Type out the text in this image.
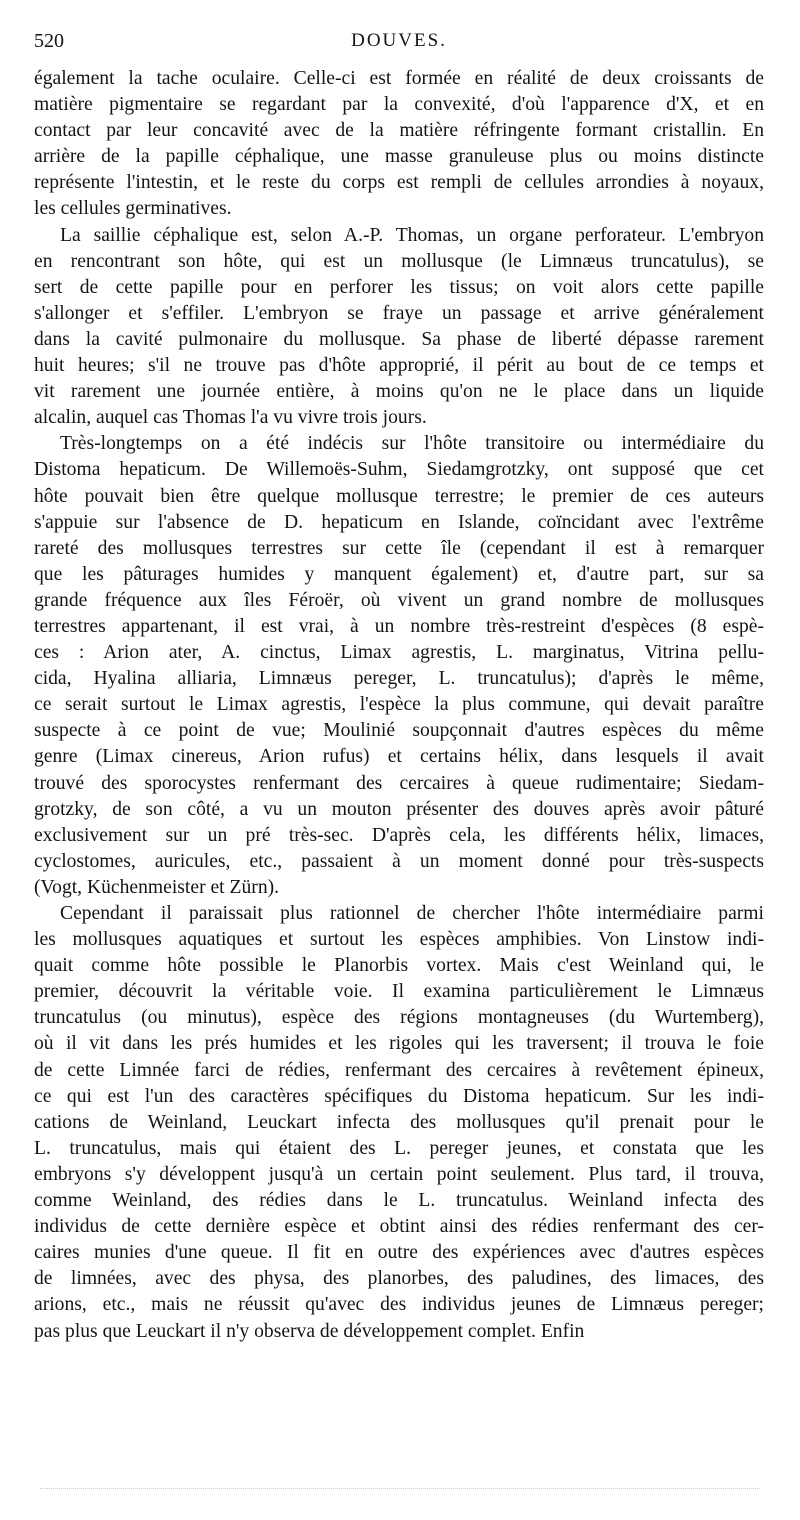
520	DOUVES.
également la tache oculaire. Celle-ci est formée en réalité de deux croissants de
matière pigmentaire se regardant par la convexité, d'où l'apparence d'X, et en
contact par leur concavité avec de la matière réfringente formant cristallin. En
arrière de la papille céphalique, une masse granuleuse plus ou moins distincte
représente l'intestin, et le reste du corps est rempli de cellules arrondies à noyaux,
les cellules germinatives.
La saillie céphalique est, selon A.-P. Thomas, un organe perforateur. L'embryon
en rencontrant son hôte, qui est un mollusque (le Limnæus truncatulus), se
sert de cette papille pour en perforer les tissus; on voit alors cette papille
s'allonger et s'effiler. L'embryon se fraye un passage et arrive généralement
dans la cavité pulmonaire du mollusque. Sa phase de liberté dépasse rarement
huit heures; s'il ne trouve pas d'hôte approprié, il périt au bout de ce temps et
vit rarement une journée entière, à moins qu'on ne le place dans un liquide
alcalin, auquel cas Thomas l'a vu vivre trois jours.
Très-longtemps on a été indécis sur l'hôte transitoire ou intermédiaire du
Distoma hepaticum. De Willemoës-Suhm, Siedamgrotzky, ont supposé que cet
hôte pouvait bien être quelque mollusque terrestre; le premier de ces auteurs
s'appuie sur l'absence de D. hepaticum en Islande, coïncidant avec l'extrême
rareté des mollusques terrestres sur cette île (cependant il est à remarquer
que les pâturages humides y manquent également) et, d'autre part, sur sa
grande fréquence aux îles Féroër, où vivent un grand nombre de mollusques
terrestres appartenant, il est vrai, à un nombre très-restreint d'espèces (8 espè-
ces : Arion ater, A. cinctus, Limax agrestis, L. marginatus, Vitrina pellu-
cida, Hyalina alliaria, Limnæus pereger, L. truncatulus); d'après le même,
ce serait surtout le Limax agrestis, l'espèce la plus commune, qui devait paraître
suspecte à ce point de vue; Moulinié soupçonnait d'autres espèces du même
genre (Limax cinereus, Arion rufus) et certains hélix, dans lesquels il avait
trouvé des sporocystes renfermant des cercaires à queue rudimentaire; Siedam-
grotzky, de son côté, a vu un mouton présenter des douves après avoir pâturé
exclusivement sur un pré très-sec. D'après cela, les différents hélix, limaces,
cyclostomes, auricules, etc., passaient à un moment donné pour très-suspects
(Vogt, Küchenmeister et Zürn).
Cependant il paraissait plus rationnel de chercher l'hôte intermédiaire parmi
les mollusques aquatiques et surtout les espèces amphibies. Von Linstow indi-
quait comme hôte possible le Planorbis vortex. Mais c'est Weinland qui, le
premier, découvrit la véritable voie. Il examina particulièrement le Limnæus
truncatulus (ou minutus), espèce des régions montagneuses (du Wurtemberg),
où il vit dans les prés humides et les rigoles qui les traversent; il trouva le foie
de cette Limnée farci de rédies, renfermant des cercaires à revêtement épineux,
ce qui est l'un des caractères spécifiques du Distoma hepaticum. Sur les indi-
cations de Weinland, Leuckart infecta des mollusques qu'il prenait pour le
L. truncatulus, mais qui étaient des L. pereger jeunes, et constata que les
embryons s'y développent jusqu'à un certain point seulement. Plus tard, il trouva,
comme Weinland, des rédies dans le L. truncatulus. Weinland infecta des
individus de cette dernière espèce et obtint ainsi des rédies renfermant des cer-
caires munies d'une queue. Il fit en outre des expériences avec d'autres espèces
de limnées, avec des physa, des planorbes, des paludines, des limaces, des
arions, etc., mais ne réussit qu'avec des individus jeunes de Limnæus pereger;
pas plus que Leuckart il n'y observa de développement complet. Enfin
